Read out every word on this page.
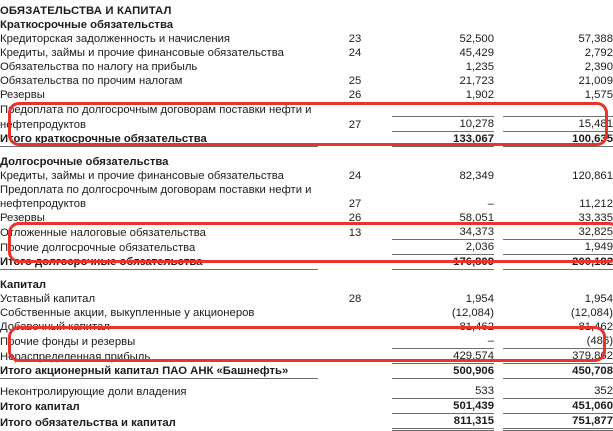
ОБЯЗАТЕЛЬСТВА И КАПИТАЛ				
Краткосрочные обязательства				
Кредиторская задолженность и начисления	23	52,500		57,388
Кредиты, займы и прочие финансовые обязательства	24	45,429		2,792
Обязательства по налогу на прибыль		1,235		2,390
Обязательства по прочим налогам	25	21,723		21,009
Резервы	26	1,902		1,575
Предоплата по долгосрочным договорам поставки нефти и				
нефтепродуктов	27	10,278		15,481
Итого краткосрочные обязательства		133,067		100,635

Долгосрочные обязательства				
Кредиты, займы и прочие финансовые обязательства	24	82,349		120,861
Предоплата по долгосрочным договорам поставки нефти и				
нефтепродуктов	27	–		11,212
Резервы	26	58,051		33,335
Отложенные налоговые обязательства	13	34,373		32,825
Прочие долгосрочные обязательства		2,036		1,949
Итого долгосрочные обязательства		176,809		200,182

Капитал				
Уставный капитал	28	1,954		1,954
Собственные акции, выкупленные у акционеров		(12,084)		(12,084)
Добавочный капитал		81,462		81,462
Прочие фонды и резервы		–		(486)
Нераспределенная прибыль		429,574		379,862
Итого акционерный капитал ПАО АНК «Башнефть»		500,906		450,708

Неконтролирующие доли владения		533		352
Итого капитал		501,439		451,060
Итого обязательства и капитал		811,315		751,877
